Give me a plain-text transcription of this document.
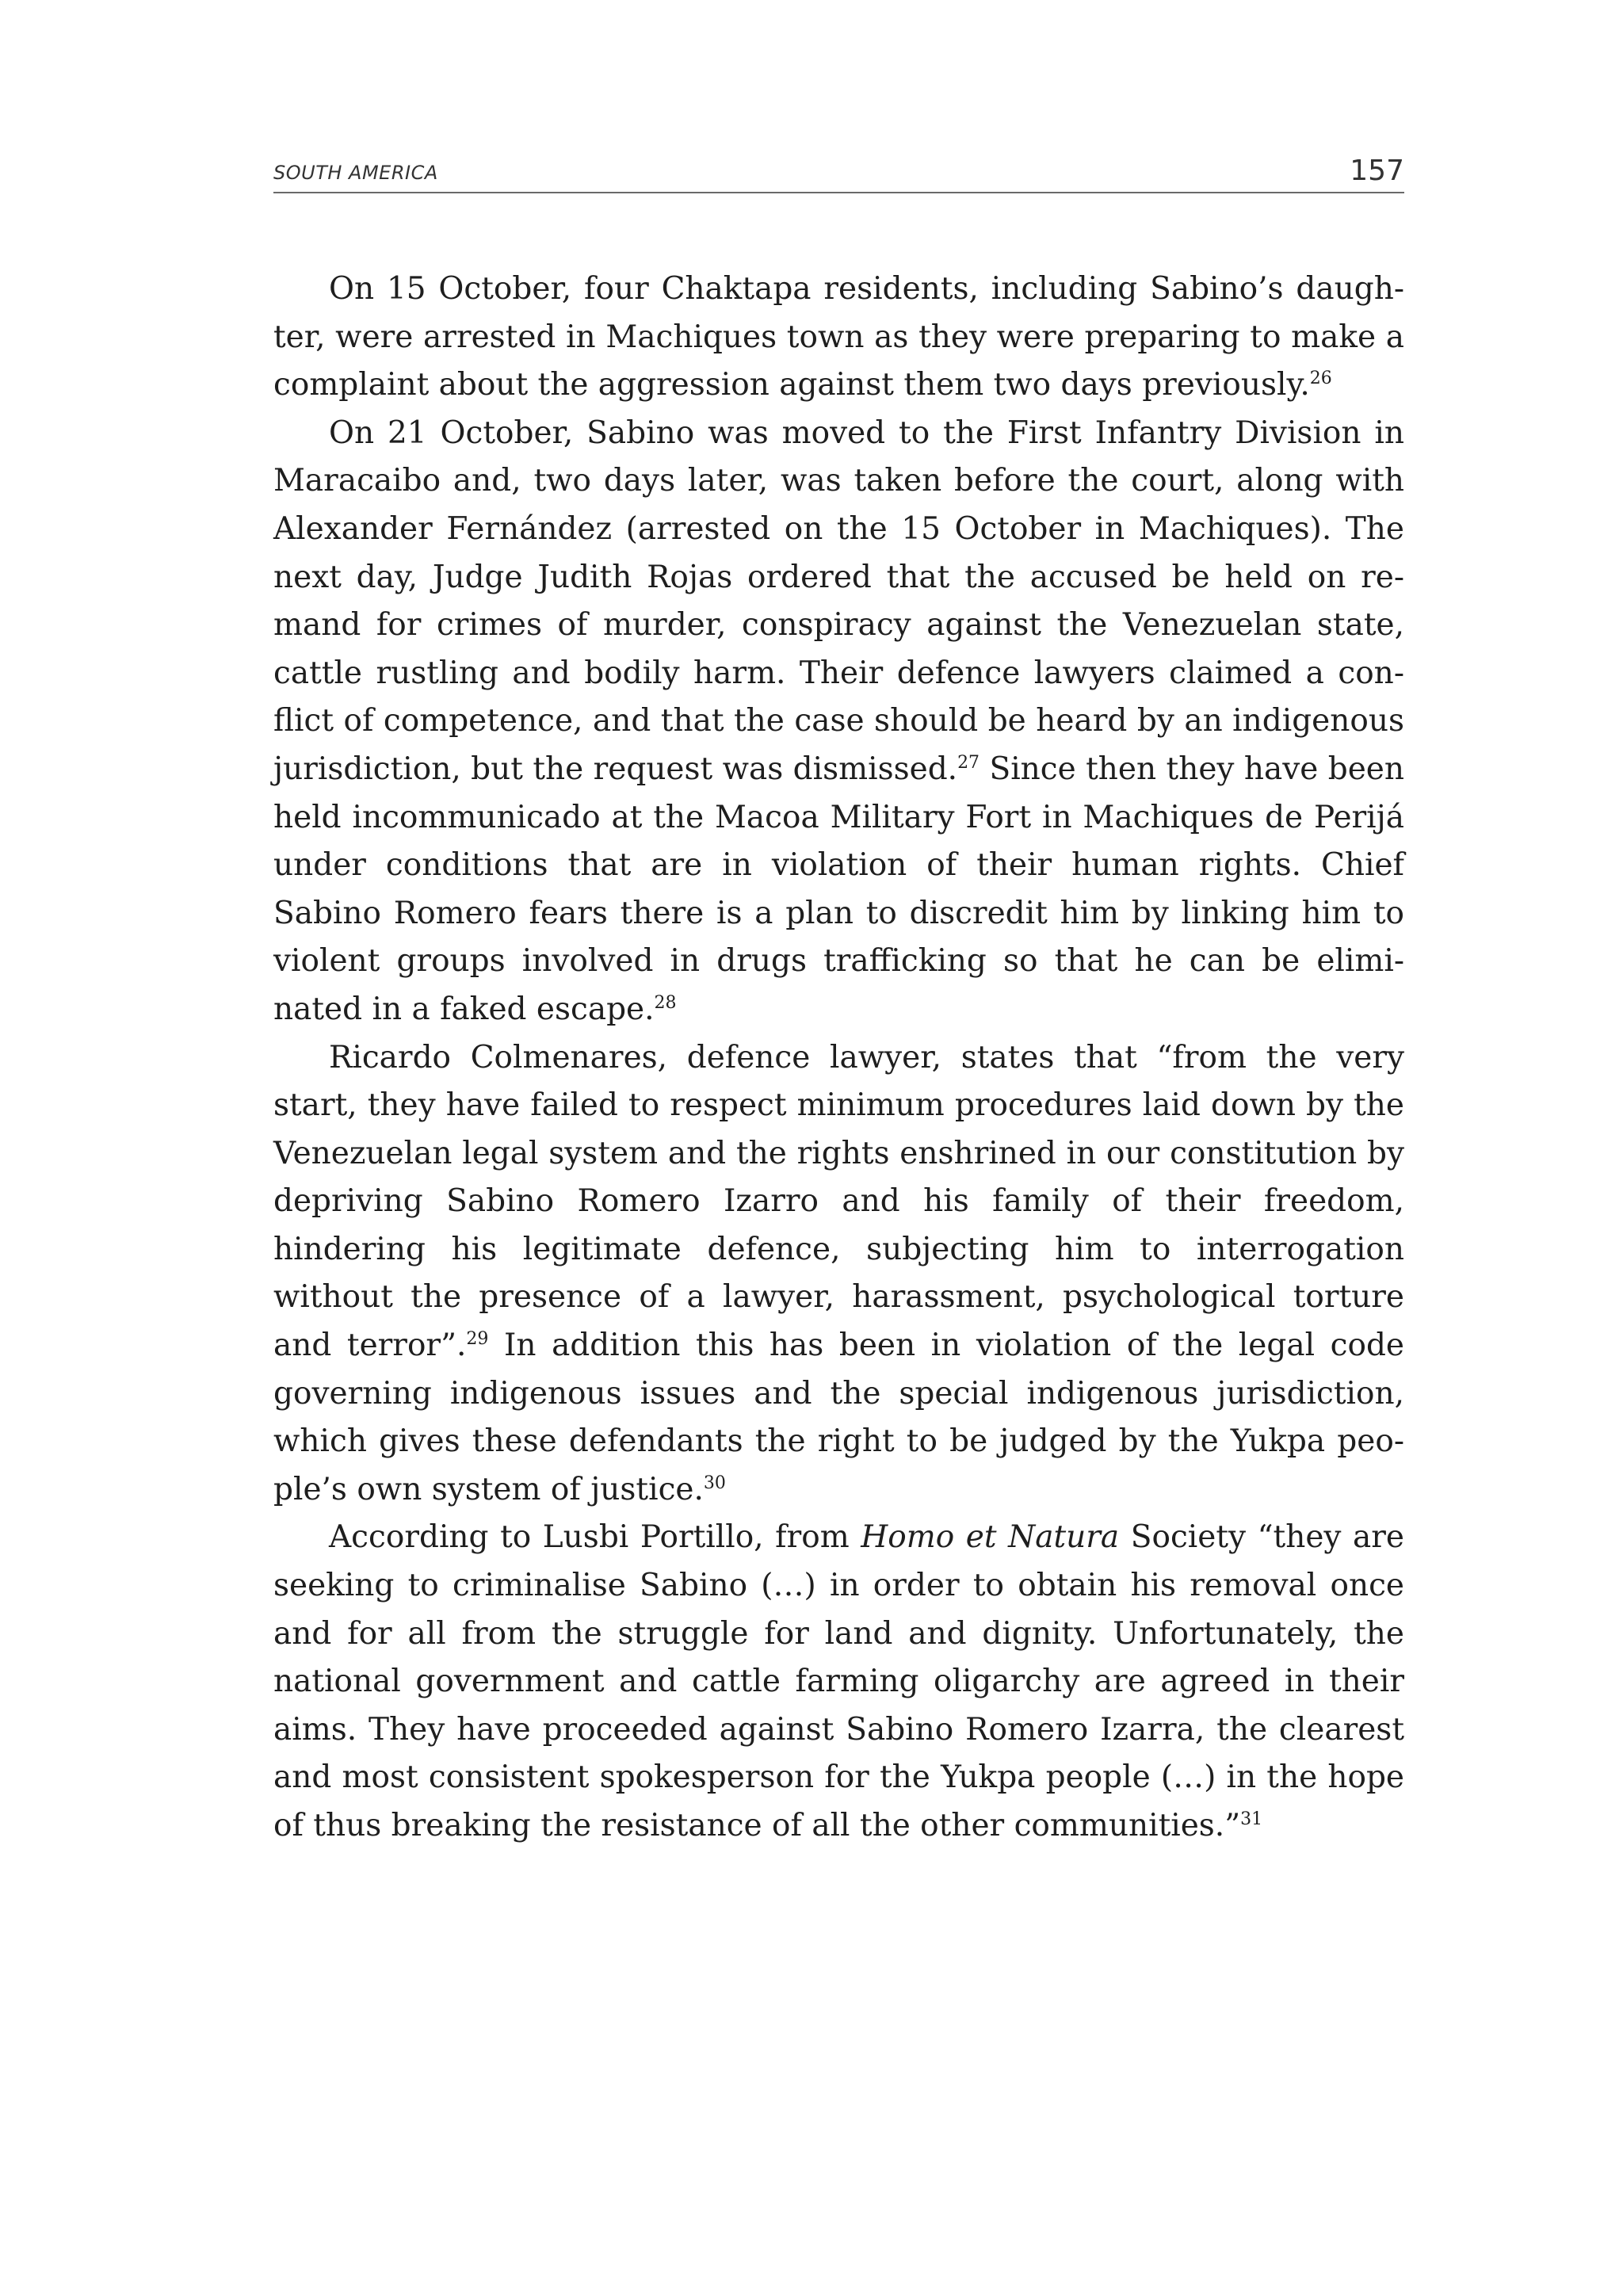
SOUTH AMERICA	157

On 15 October, four Chaktapa residents, including Sabino’s daughter, were arrested in Machiques town as they were preparing to make a complaint about the aggression against them two days previously.$^{26}$

On 21 October, Sabino was moved to the First Infantry Division in Maracaibo and, two days later, was taken before the court, along with Alexander Fernández (arrested on the 15 October in Machiques). The next day, Judge Judith Rojas ordered that the accused be held on remand for crimes of murder, conspiracy against the Venezuelan state, cattle rustling and bodily harm. Their defence lawyers claimed a conflict of competence, and that the case should be heard by an indigenous jurisdiction, but the request was dismissed.$^{27}$ Since then they have been held incommunicado at the Macoa Military Fort in Machiques de Perijá under conditions that are in violation of their human rights. Chief Sabino Romero fears there is a plan to discredit him by linking him to violent groups involved in drugs trafficking so that he can be eliminated in a faked escape.$^{28}$

Ricardo Colmenares, defence lawyer, states that “from the very start, they have failed to respect minimum procedures laid down by the Venezuelan legal system and the rights enshrined in our constitution by depriving Sabino Romero Izarro and his family of their freedom, hindering his legitimate defence, subjecting him to interrogation without the presence of a lawyer, harassment, psychological torture and terror”.$^{29}$ In addition this has been in violation of the legal code governing indigenous issues and the special indigenous jurisdiction, which gives these defendants the right to be judged by the Yukpa people’s own system of justice.$^{30}$

According to Lusbi Portillo, from Homo et Natura Society “they are seeking to criminalise Sabino (…) in order to obtain his removal once and for all from the struggle for land and dignity. Unfortunately, the national government and cattle farming oligarchy are agreed in their aims. They have proceeded against Sabino Romero Izarra, the clearest and most consistent spokesperson for the Yukpa people (…) in the hope of thus breaking the resistance of all the other communities.”$^{31}$
